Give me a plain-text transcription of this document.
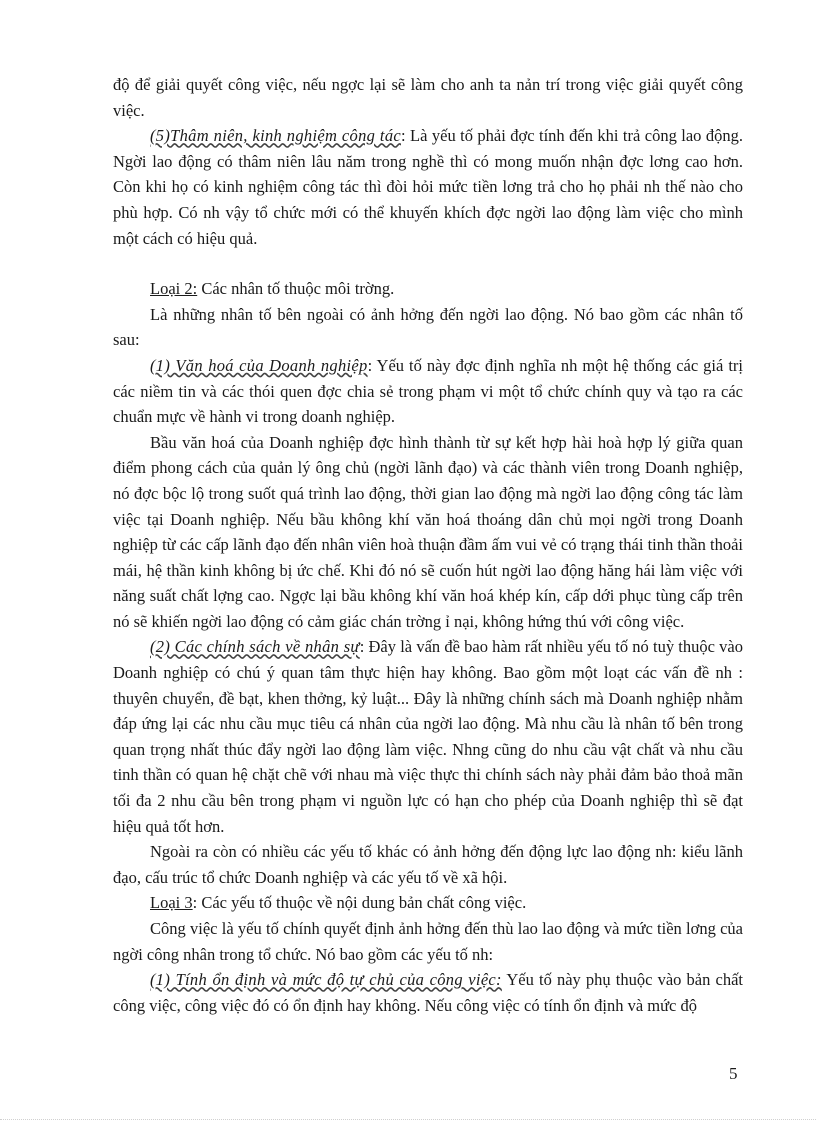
độ để giải quyết công việc, nếu ngợc lại sẽ làm cho anh ta nản trí trong việc giải quyết công việc.

(5)Thâm niên, kinh nghiệm công tác: Là yếu tố phải đợc tính đến khi trả công lao động. Ngời lao động có thâm niên lâu năm trong nghề thì có mong muốn nhận đợc lơng cao hơn. Còn khi họ có kinh nghiệm công tác thì đòi hỏi mức tiền lơng trả cho họ phải nh thế nào cho phù hợp. Có nh vậy tổ chức mới có thể khuyến khích đợc ngời lao động làm việc cho mình một cách có hiệu quả.

Loại 2: Các nhân tố thuộc môi trờng.

Là những nhân tố bên ngoài có ảnh hởng đến ngời lao động. Nó bao gồm các nhân tố sau:

(1) Văn hoá của Doanh nghiệp: Yếu tố này đợc định nghĩa nh một hệ thống các giá trị các niềm tin và các thói quen đợc chia sẻ trong phạm vi một tổ chức chính quy và tạo ra các chuẩn mực về hành vi trong doanh nghiệp.

Bầu văn hoá của Doanh nghiệp đợc hình thành từ sự kết hợp hài hoà hợp lý giữa quan điểm phong cách của quản lý ông chủ (ngời lãnh đạo) và các thành viên trong Doanh nghiệp, nó đợc bộc lộ trong suốt quá trình lao động, thời gian lao động mà ngời lao động công tác làm việc tại Doanh nghiệp. Nếu bầu không khí văn hoá thoáng dân chủ mọi ngời trong Doanh nghiệp từ các cấp lãnh đạo đến nhân viên hoà thuận đầm ấm vui vẻ có trạng thái tinh thần thoải mái, hệ thần kinh không bị ức chế. Khi đó nó sẽ cuốn hút ngời lao động hăng hái làm việc với năng suất chất lợng cao. Ngợc lại bầu không khí văn hoá khép kín, cấp dới phục tùng cấp trên nó sẽ khiến ngời lao động có cảm giác chán trờng ỉ nại, không hứng thú với công việc.

(2) Các chính sách về nhân sự: Đây là vấn đề bao hàm rất nhiều yếu tố nó tuỳ thuộc vào Doanh nghiệp có chú ý quan tâm thực hiện hay không. Bao gồm một loạt các vấn đề nh : thuyên chuyển, đề bạt, khen thởng, kỷ luật... Đây là những chính sách mà Doanh nghiệp nhằm đáp ứng lại các nhu cầu mục tiêu cá nhân của ngời lao động. Mà nhu cầu là nhân tố bên trong quan trọng nhất thúc đẩy ngời lao động làm việc. Nhng cũng do nhu cầu vật chất và nhu cầu tinh thần có quan hệ chặt chẽ với nhau mà việc thực thi chính sách này phải đảm bảo thoả mãn tối đa 2 nhu cầu bên trong phạm vi nguồn lực có hạn cho phép của Doanh nghiệp thì sẽ đạt hiệu quả tốt hơn.

Ngoài ra còn có nhiều các yếu tố khác có ảnh hởng đến động lực lao động nh: kiểu lãnh đạo, cấu trúc tổ chức Doanh nghiệp và các yếu tố về xã hội.

Loại 3: Các yếu tố thuộc về nội dung bản chất công việc.

Công việc là yếu tố chính quyết định ảnh hởng đến thù lao lao động và mức tiền lơng của ngời công nhân trong tổ chức. Nó bao gồm các yếu tố nh:

(1) Tính ổn định và mức độ tự chủ của công việc: Yếu tố này phụ thuộc vào bản chất công việc, công việc đó có ổn định hay không. Nếu công việc có tính ổn định và mức độ

5
